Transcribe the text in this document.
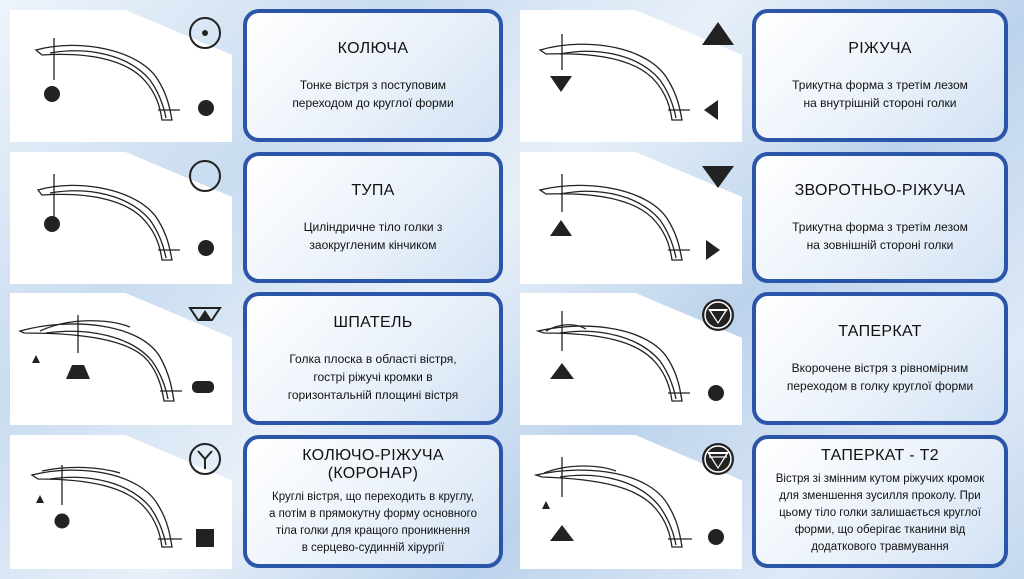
КОЛЮЧА
Тонке вістря з поступовим
переходом до круглої форми
ТУПА
Циліндричне тіло голки з
заокругленим кінчиком
ШПАТЕЛЬ
Голка плоска в області вістря,
гострі ріжучі кромки в
горизонтальній площині вістря
КОЛЮЧО-РІЖУЧА (КОРОНАР)
Круглі вістря, що переходить в круглу,
а потім в прямокутну форму основного
тіла голки для кращого проникнення
в серцево-судинній хірургії
РІЖУЧА
Трикутна форма з третім лезом
на внутрішній стороні голки
ЗВОРОТНЬО-РІЖУЧА
Трикутна форма з третім лезом
на зовнішній стороні голки
ТАПЕРКАТ
Вкорочене вістря з рівномірним
переходом в голку круглої форми
ТАПЕРКАТ - Т2
Вістря зі змінним кутом ріжучих кромок
для зменшення зусилля проколу. При
цьому тіло голки залишається круглої
форми, що оберігає тканини від
додаткового травмування
